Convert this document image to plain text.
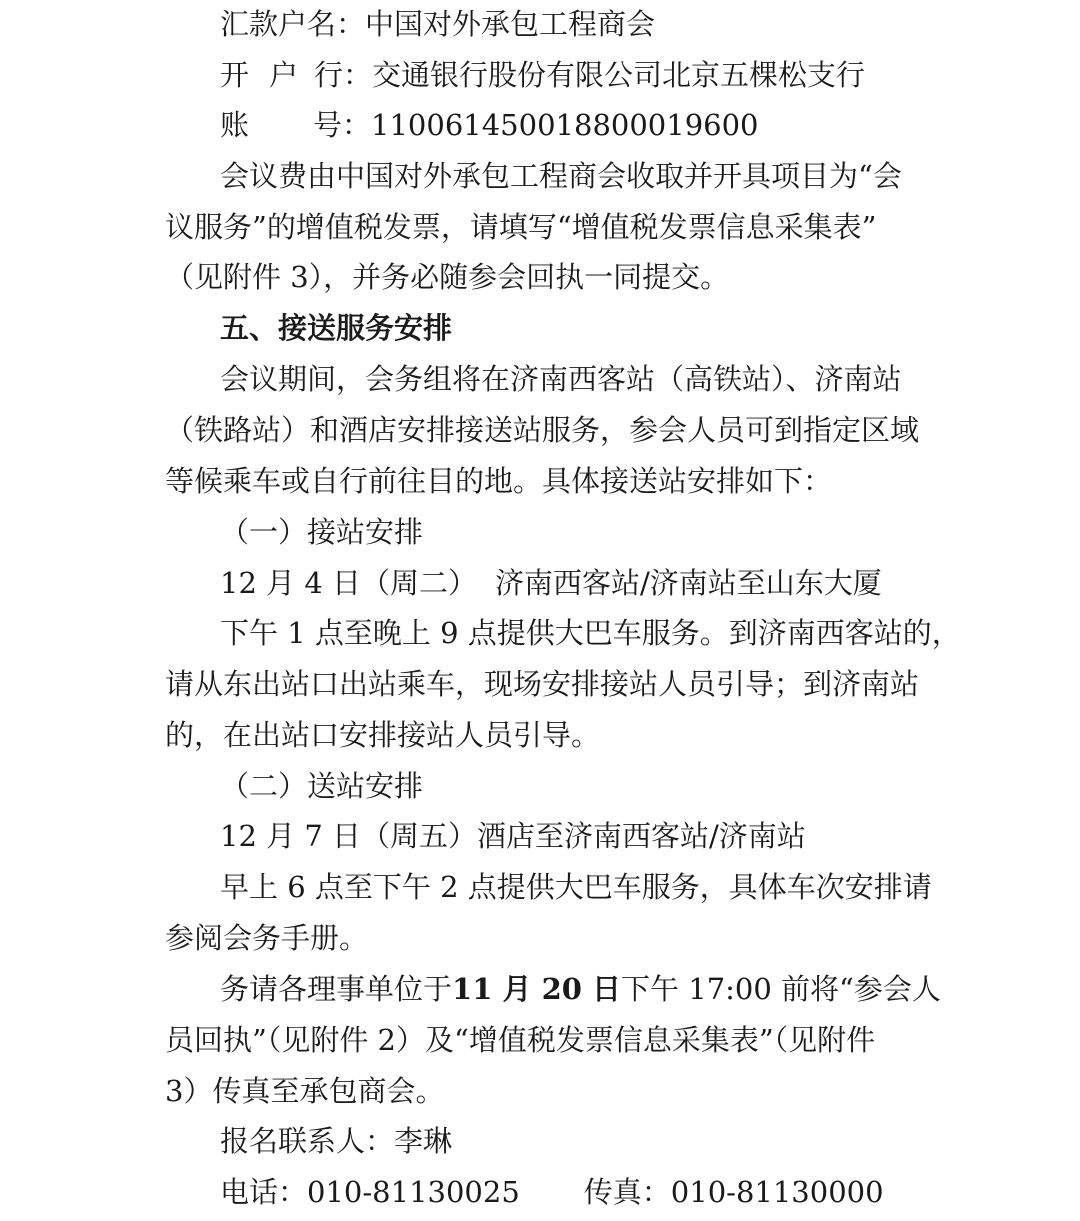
汇款户名：中国对外承包工程商会
开 户 行：交通银行股份有限公司北京五棵松支行
账 号：110061450018800019600
会议费由中国对外承包工程商会收取并开具项目为“会
议服务”的增值税发票，请填写“增值税发票信息采集表”
（见附件 3），并务必随参会回执一同提交。
五、接送服务安排
会议期间，会务组将在济南西客站（高铁站）、济南站
（铁路站）和酒店安排接送站服务，参会人员可到指定区域
等候乘车或自行前往目的地。具体接送站安排如下：
（一）接站安排
12 月 4 日（周二） 济南西客站/济南站至山东大厦
下午 1 点至晚上 9 点提供大巴车服务。到济南西客站的，
请从东出站口出站乘车，现场安排接站人员引导；到济南站
的，在出站口安排接站人员引导。
（二）送站安排
12 月 7 日（周五）酒店至济南西客站/济南站
早上 6 点至下午 2 点提供大巴车服务，具体车次安排请
参阅会务手册。
务请各理事单位于11 月 20 日下午 17:00 前将“参会人
员回执”（见附件 2）及“增值税发票信息采集表”（见附件
3）传真至承包商会。
报名联系人：李琳
电话：010-81130025 传真：010-81130000
